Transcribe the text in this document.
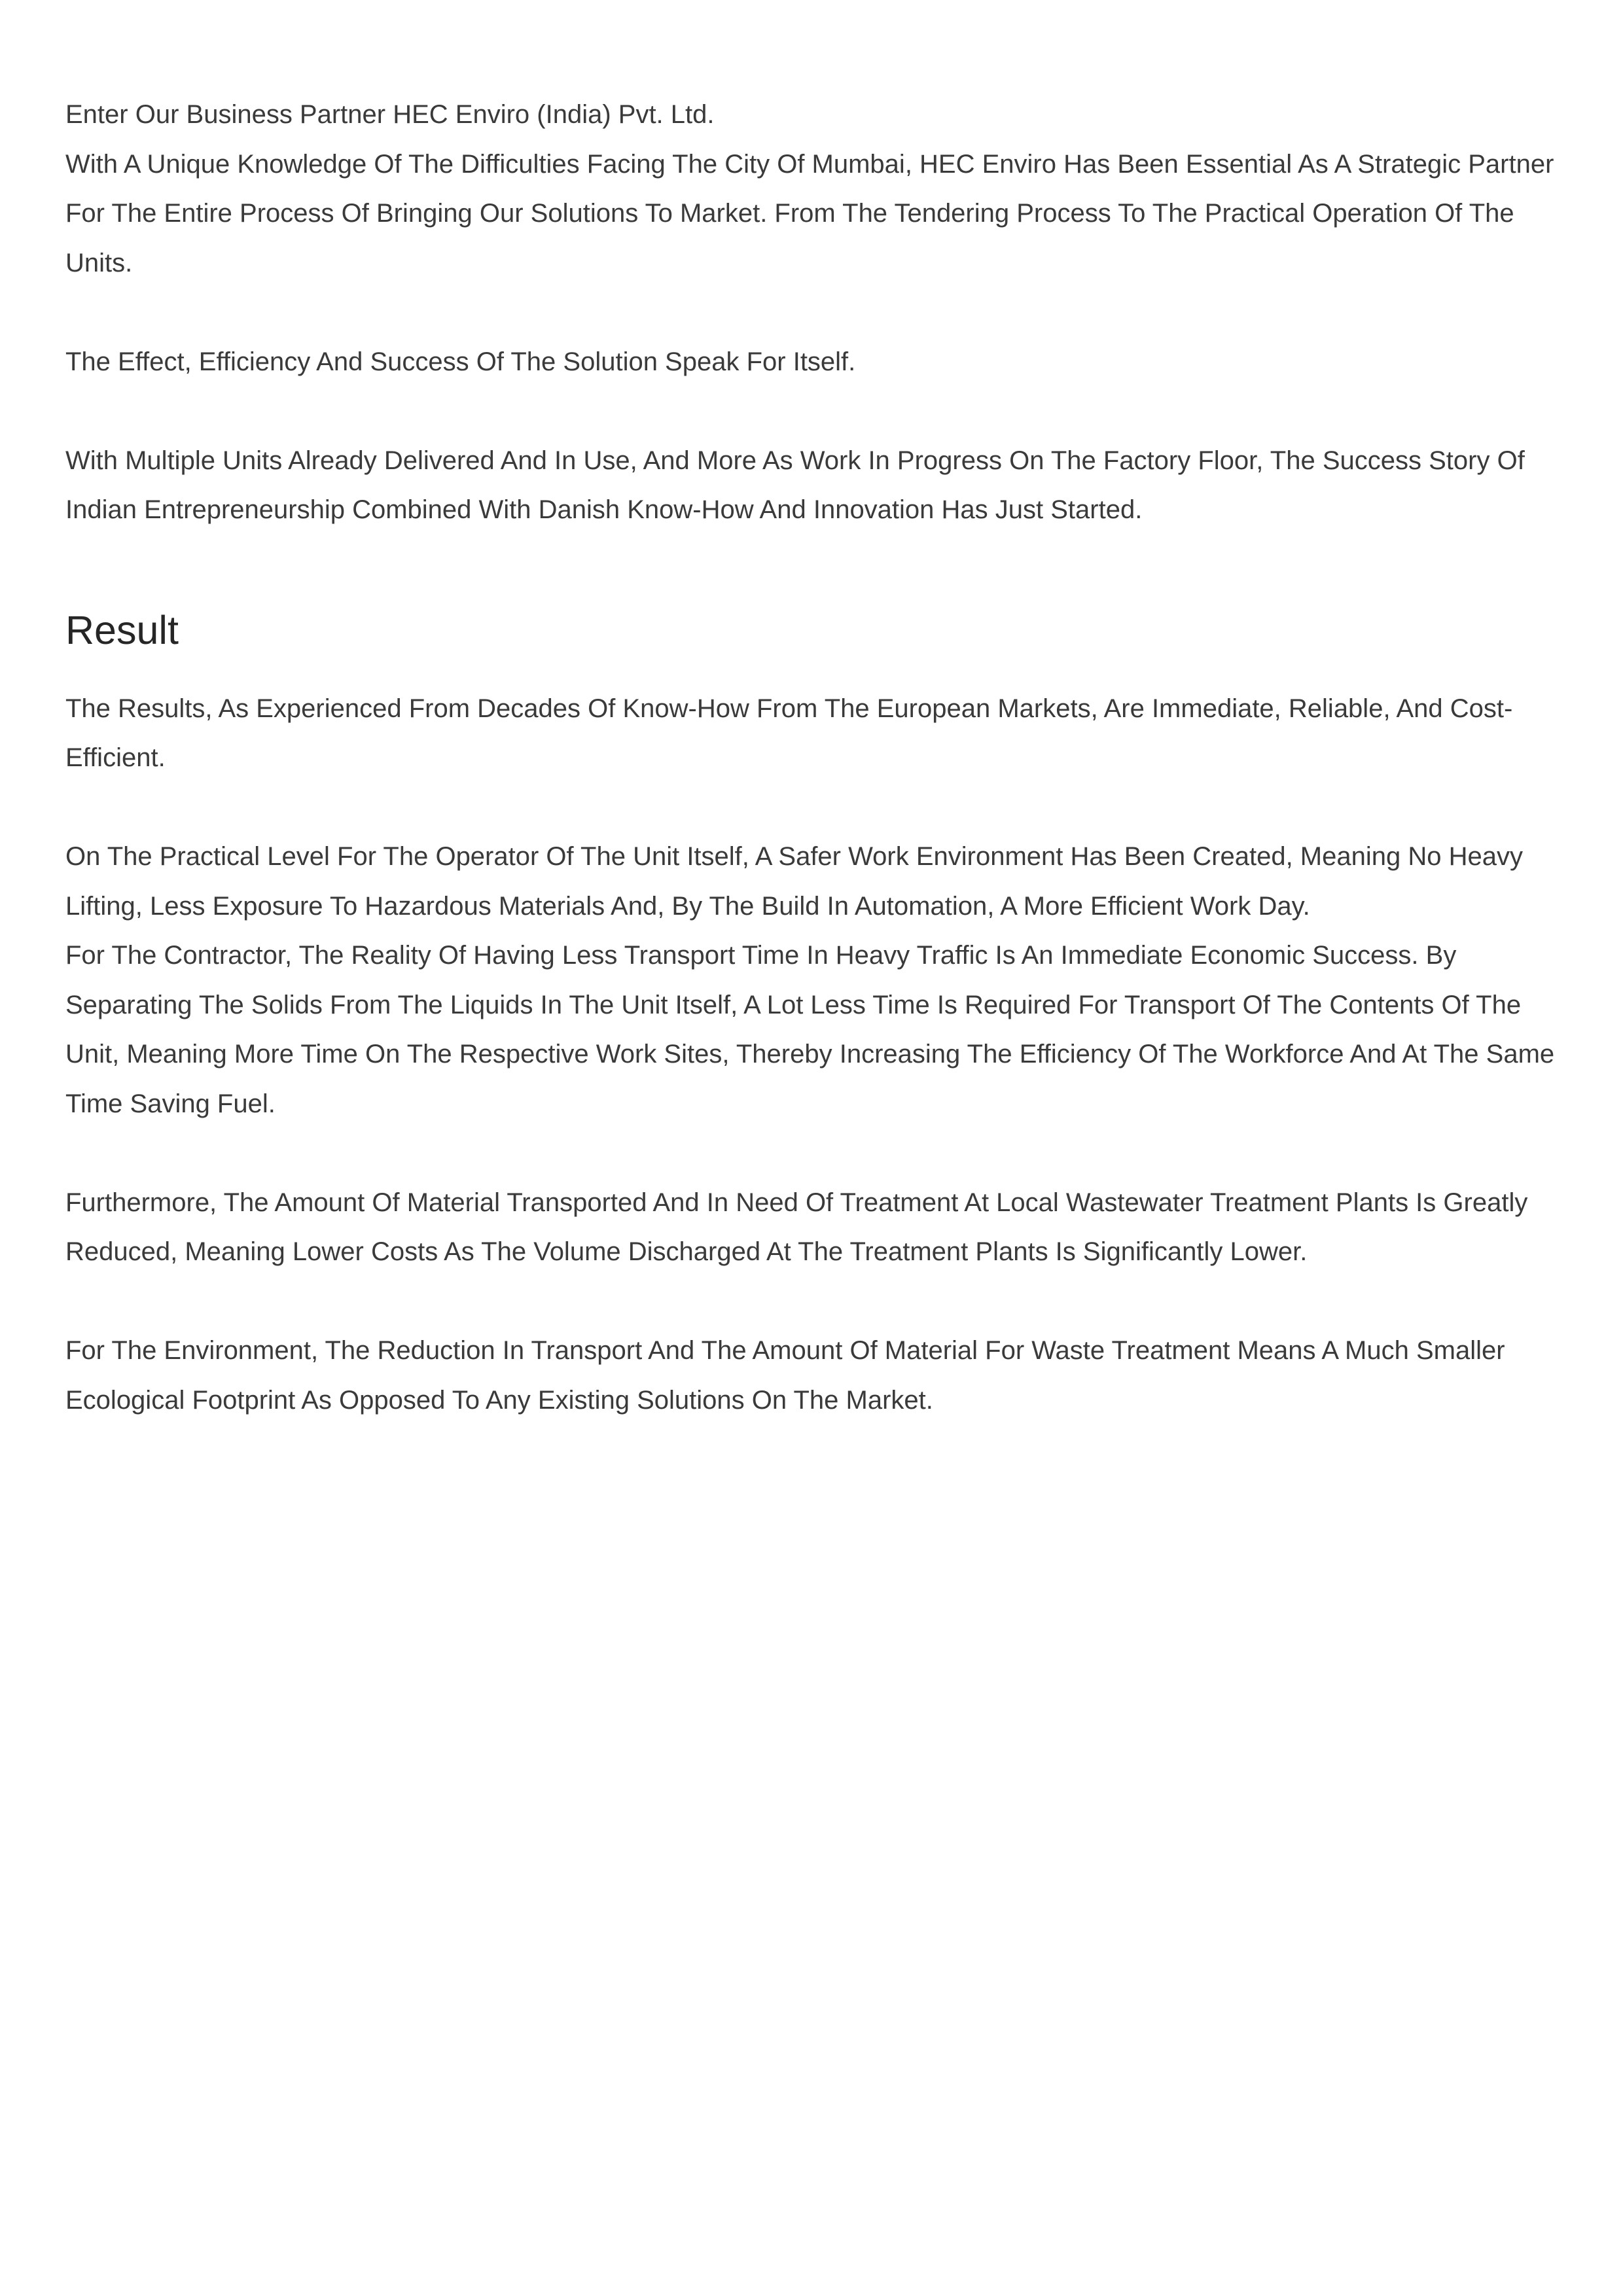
Enter Our Business Partner HEC Enviro (India) Pvt. Ltd.

With A Unique Knowledge Of The Difficulties Facing The City Of Mumbai, HEC Enviro Has Been Essential As A Strategic Partner For The Entire Process Of Bringing Our Solutions To Market. From The Tendering Process To The Practical Operation Of The Units.

The Effect, Efficiency And Success Of The Solution Speak For Itself.

With Multiple Units Already Delivered And In Use, And More As Work In Progress On The Factory Floor, The Success Story Of Indian Entrepreneurship Combined With Danish Know-How And Innovation Has Just Started.

Result

The Results, As Experienced From Decades Of Know-How From The European Markets, Are Immediate, Reliable, And Cost-Efficient.

On The Practical Level For The Operator Of The Unit Itself, A Safer Work Environment Has Been Created, Meaning No Heavy Lifting, Less Exposure To Hazardous Materials And, By The Build In Automation, A More Efficient Work Day.

For The Contractor, The Reality Of Having Less Transport Time In Heavy Traffic Is An Immediate Economic Success. By Separating The Solids From The Liquids In The Unit Itself, A Lot Less Time Is Required For Transport Of The Contents Of The Unit, Meaning More Time On The Respective Work Sites, Thereby Increasing The Efficiency Of The Workforce And At The Same Time Saving Fuel.

Furthermore, The Amount Of Material Transported And In Need Of Treatment At Local Wastewater Treatment Plants Is Greatly Reduced, Meaning Lower Costs As The Volume Discharged At The Treatment Plants Is Significantly Lower.

For The Environment, The Reduction In Transport And The Amount Of Material For Waste Treatment Means A Much Smaller Ecological Footprint As Opposed To Any Existing Solutions On The Market.
